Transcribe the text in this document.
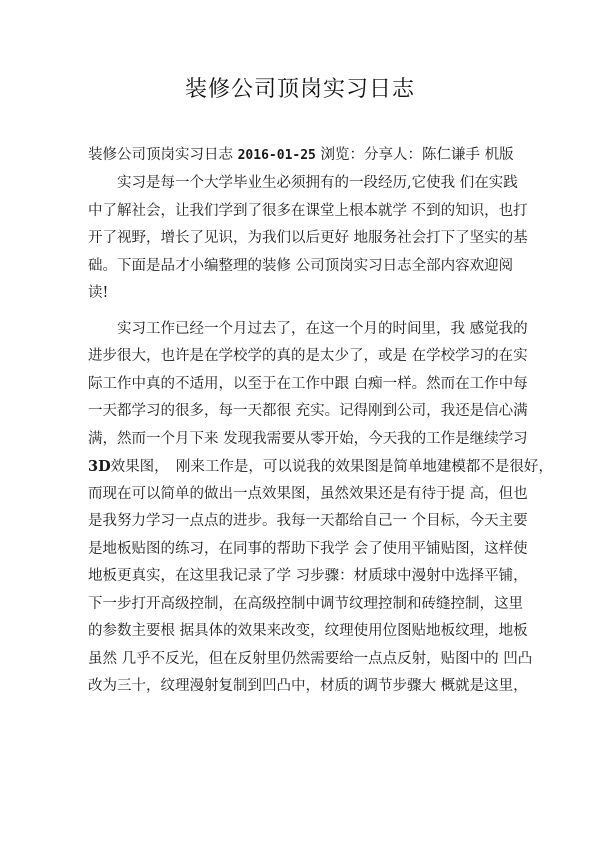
装修公司顶岗实习日志
装修公司顶岗实习日志 2016-01-25 浏览：分享人：陈仁谦手 机版
　　实习是每一个大学毕业生必须拥有的一段经历,它使我 们在实践
中了解社会，让我们学到了很多在课堂上根本就学 不到的知识，也打
开了视野，增长了见识，为我们以后更好 地服务社会打下了坚实的基
础。下面是品才小编整理的装修 公司顶岗实习日志全部内容欢迎阅
读!
　　实习工作已经一个月过去了，在这一个月的时间里，我 感觉我的
进步很大，也许是在学校学的真的是太少了，或是 在学校学习的在实
际工作中真的不适用，以至于在工作中跟 白痴一样。然而在工作中每
一天都学习的很多，每一天都很 充实。记得刚到公司，我还是信心满
满，然而一个月下来 发现我需要从零开始，今天我的工作是继续学习
3D效果图，　刚来工作是，可以说我的效果图是简单地建模都不是很好，
而现在可以简单的做出一点效果图，虽然效果还是有待于提 高，但也
是我努力学习一点点的进步。我每一天都给自己一 个目标，今天主要
是地板贴图的练习，在同事的帮助下我学 会了使用平铺贴图，这样使
地板更真实，在这里我记录了学 习步骤：材质球中漫射中选择平铺，
下一步打开高级控制，在高级控制中调节纹理控制和砖缝控制，这里
的参数主要根 据具体的效果来改变，纹理使用位图贴地板纹理，地板
虽然 几乎不反光，但在反射里仍然需要给一点点反射，贴图中的 凹凸
改为三十，纹理漫射复制到凹凸中，材质的调节步骤大 概就是这里，
